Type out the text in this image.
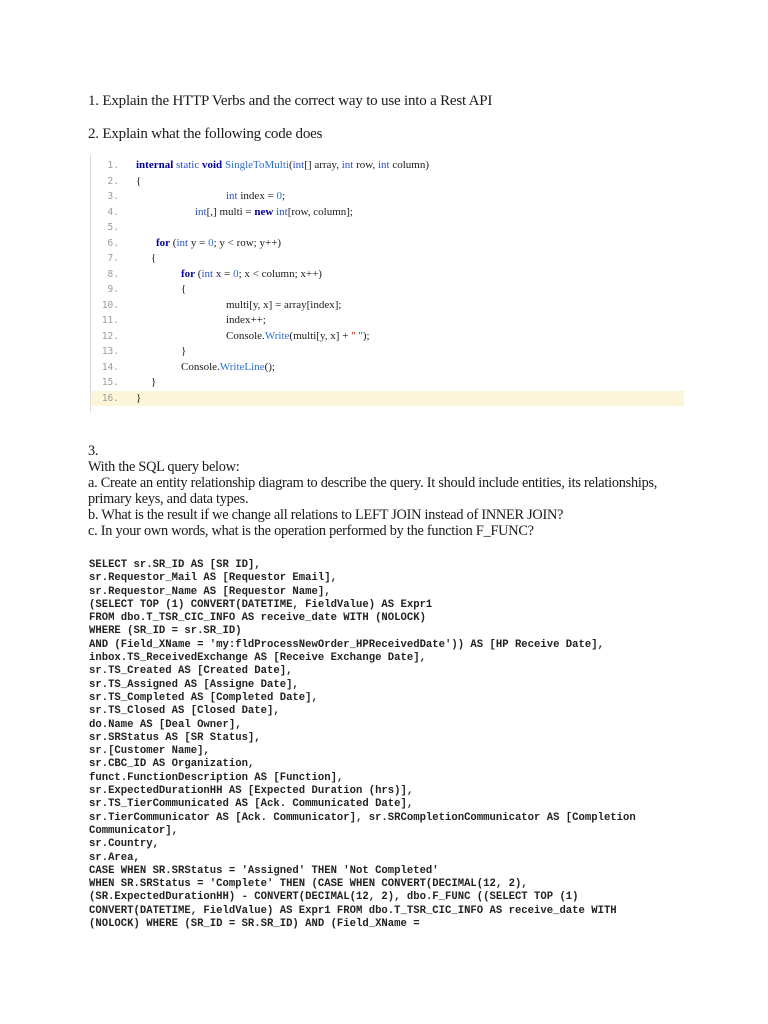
1. Explain the HTTP Verbs and the correct way to use into a Rest API
2. Explain what the following code does
1. internal static void SingleToMulti(int[] array, int row, int column)
2. {
3.	int index = 0;
4.	int[,] multi = new int[row, column];
5.
6.	for (int y = 0; y < row; y++)
7.	{
8.	for (int x = 0; x < column; x++)
9.	{
10.	multi[y, x] = array[index];
11.	index++;
12.	Console.Write(multi[y, x] + " ");
13.	}
14.	Console.WriteLine();
15.	}
16. }
3.
With the SQL query below:
a. Create an entity relationship diagram to describe the query. It should include entities, its relationships,
primary keys, and data types.
b. What is the result if we change all relations to LEFT JOIN instead of INNER JOIN?
c. In your own words, what is the operation performed by the function F_FUNC?
SELECT sr.SR_ID AS [SR ID],
sr.Requestor_Mail AS [Requestor Email],
sr.Requestor_Name AS [Requestor Name],
(SELECT TOP (1) CONVERT(DATETIME, FieldValue) AS Expr1
FROM dbo.T_TSR_CIC_INFO AS receive_date WITH (NOLOCK)
WHERE (SR_ID = sr.SR_ID)
AND (Field_XName = 'my:fldProcessNewOrder_HPReceivedDate')) AS [HP Receive Date],
inbox.TS_ReceivedExchange AS [Receive Exchange Date],
sr.TS_Created AS [Created Date],
sr.TS_Assigned AS [Assigne Date],
sr.TS_Completed AS [Completed Date],
sr.TS_Closed AS [Closed Date],
do.Name AS [Deal Owner],
sr.SRStatus AS [SR Status],
sr.[Customer Name],
sr.CBC_ID AS Organization,
funct.FunctionDescription AS [Function],
sr.ExpectedDurationHH AS [Expected Duration (hrs)],
sr.TS_TierCommunicated AS [Ack. Communicated Date],
sr.TierCommunicator AS [Ack. Communicator], sr.SRCompletionCommunicator AS [Completion
Communicator],
sr.Country,
sr.Area,
CASE WHEN SR.SRStatus = 'Assigned' THEN 'Not Completed'
WHEN SR.SRStatus = 'Complete' THEN (CASE WHEN CONVERT(DECIMAL(12, 2),
(SR.ExpectedDurationHH) - CONVERT(DECIMAL(12, 2), dbo.F_FUNC ((SELECT TOP (1)
CONVERT(DATETIME, FieldValue) AS Expr1 FROM dbo.T_TSR_CIC_INFO AS receive_date WITH
(NOLOCK) WHERE (SR_ID = SR.SR_ID) AND (Field_XName =
